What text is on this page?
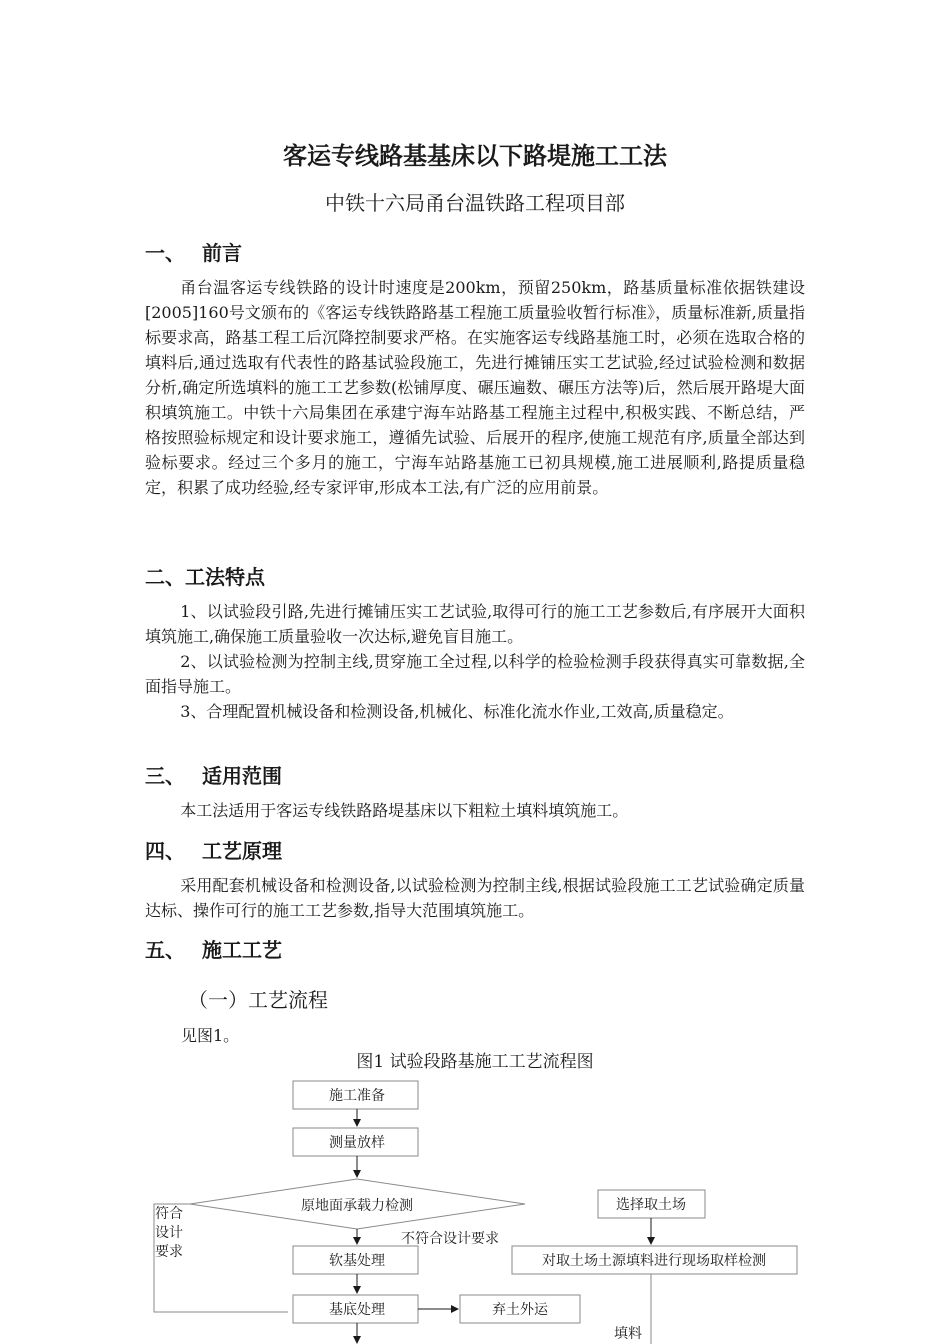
客运专线路基基床以下路堤施工工法
中铁十六局甬台温铁路工程项目部
一、 前言
甬台温客运专线铁路的设计时速度是200km，预留250km，路基质量标准依据铁建设[2005]160号文颁布的《客运专线铁路路基工程施工质量验收暂行标准》，质量标准新,质量指标要求高，路基工程工后沉降控制要求严格。在实施客运专线路基施工时，必须在选取合格的填料后,通过选取有代表性的路基试验段施工，先进行摊铺压实工艺试验,经过试验检测和数据分析,确定所选填料的施工工艺参数(松铺厚度、碾压遍数、碾压方法等)后，然后展开路堤大面积填筑施工。中铁十六局集团在承建宁海车站路基工程施主过程中,积极实践、不断总结，严格按照验标规定和设计要求施工，遵循先试验、后展开的程序,使施工规范有序,质量全部达到验标要求。经过三个多月的施工，宁海车站路基施工已初具规模,施工进展顺利,路提质量稳定，积累了成功经验,经专家评审,形成本工法,有广泛的应用前景。
二、工法特点
1、以试验段引路,先进行摊铺压实工艺试验,取得可行的施工工艺参数后,有序展开大面积填筑施工,确保施工质量验收一次达标,避免盲目施工。
2、以试验检测为控制主线,贯穿施工全过程,以科学的检验检测手段获得真实可靠数据,全面指导施工。
3、合理配置机械设备和检测设备,机械化、标准化流水作业,工效高,质量稳定。
三、 适用范围
本工法适用于客运专线铁路路堤基床以下粗粒土填料填筑施工。
四、 工艺原理
采用配套机械设备和检测设备,以试验检测为控制主线,根据试验段施工工艺试验确定质量达标、操作可行的施工工艺参数,指导大范围填筑施工。
五、 施工工艺
（一）工艺流程
见图1。
图1 试验段路基施工工艺流程图
施工准备
测量放样
原地面承载力检测
软基处理
基底处理	弃土外运
选择取土场
对取土场土源填料进行现场取样检测
符合
设计
要求
不符合设计要求
填料
